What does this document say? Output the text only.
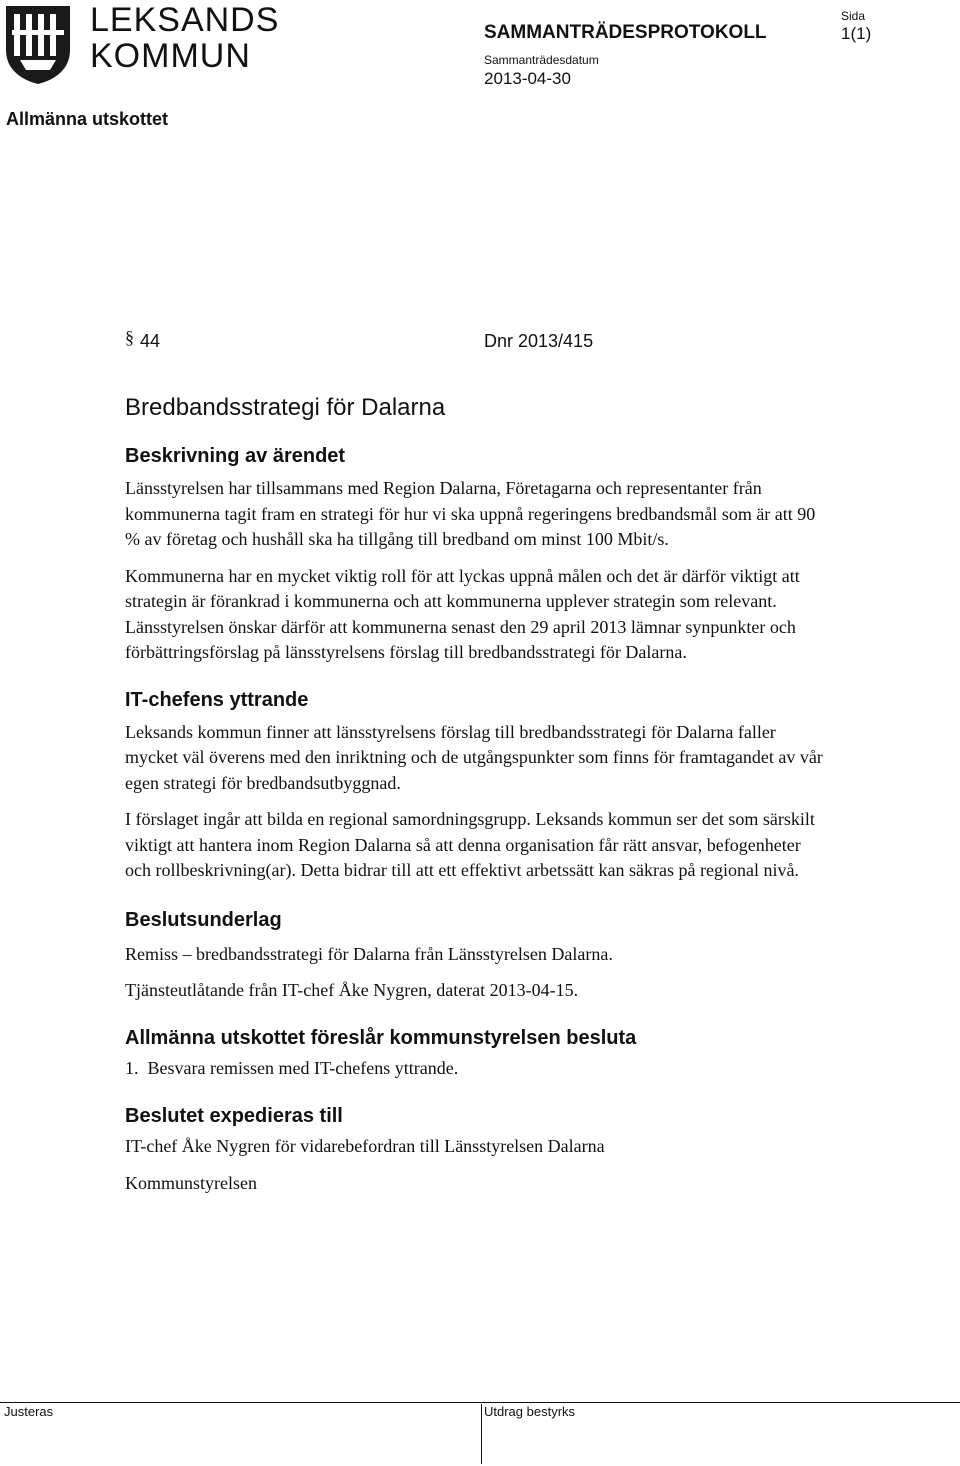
LEKSANDS
KOMMUN
SAMMANTRÄDESPROTOKOLL
Sammanträdesdatum
2013-04-30
Sida
1(1)
Allmänna utskottet
§ 44	Dnr 2013/415
Bredbandsstrategi för Dalarna
Beskrivning av ärendet

Länsstyrelsen har tillsammans med Region Dalarna, Företagarna och representanter från kommunerna tagit fram en strategi för hur vi ska uppnå regeringens bredbandsmål som är att 90 % av företag och hushåll ska ha tillgång till bredband om minst 100 Mbit/s.

Kommunerna har en mycket viktig roll för att lyckas uppnå målen och det är därför viktigt att strategin är förankrad i kommunerna och att kommunerna upplever strategin som relevant. Länsstyrelsen önskar därför att kommunerna senast den 29 april 2013 lämnar synpunkter och förbättringsförslag på länsstyrelsens förslag till bredbandsstrategi för Dalarna.

IT-chefens yttrande

Leksands kommun finner att länsstyrelsens förslag till bredbandsstrategi för Dalarna faller mycket väl överens med den inriktning och de utgångspunkter som finns för framtagandet av vår egen strategi för bredbandsutbyggnad.

I förslaget ingår att bilda en regional samordningsgrupp. Leksands kommun ser det som särskilt viktigt att hantera inom Region Dalarna så att denna organisation får rätt ansvar, befogenheter och rollbeskrivning(ar). Detta bidrar till att ett effektivt arbetssätt kan säkras på regional nivå.

Beslutsunderlag

Remiss – bredbandsstrategi för Dalarna från Länsstyrelsen Dalarna.

Tjänsteutlåtande från IT-chef Åke Nygren, daterat 2013-04-15.

Allmänna utskottet föreslår kommunstyrelsen besluta

1.  Besvara remissen med IT-chefens yttrande.

Beslutet expedieras till

IT-chef Åke Nygren för vidarebefordran till Länsstyrelsen Dalarna

Kommunstyrelsen

Justeras	Utdrag bestyrks
